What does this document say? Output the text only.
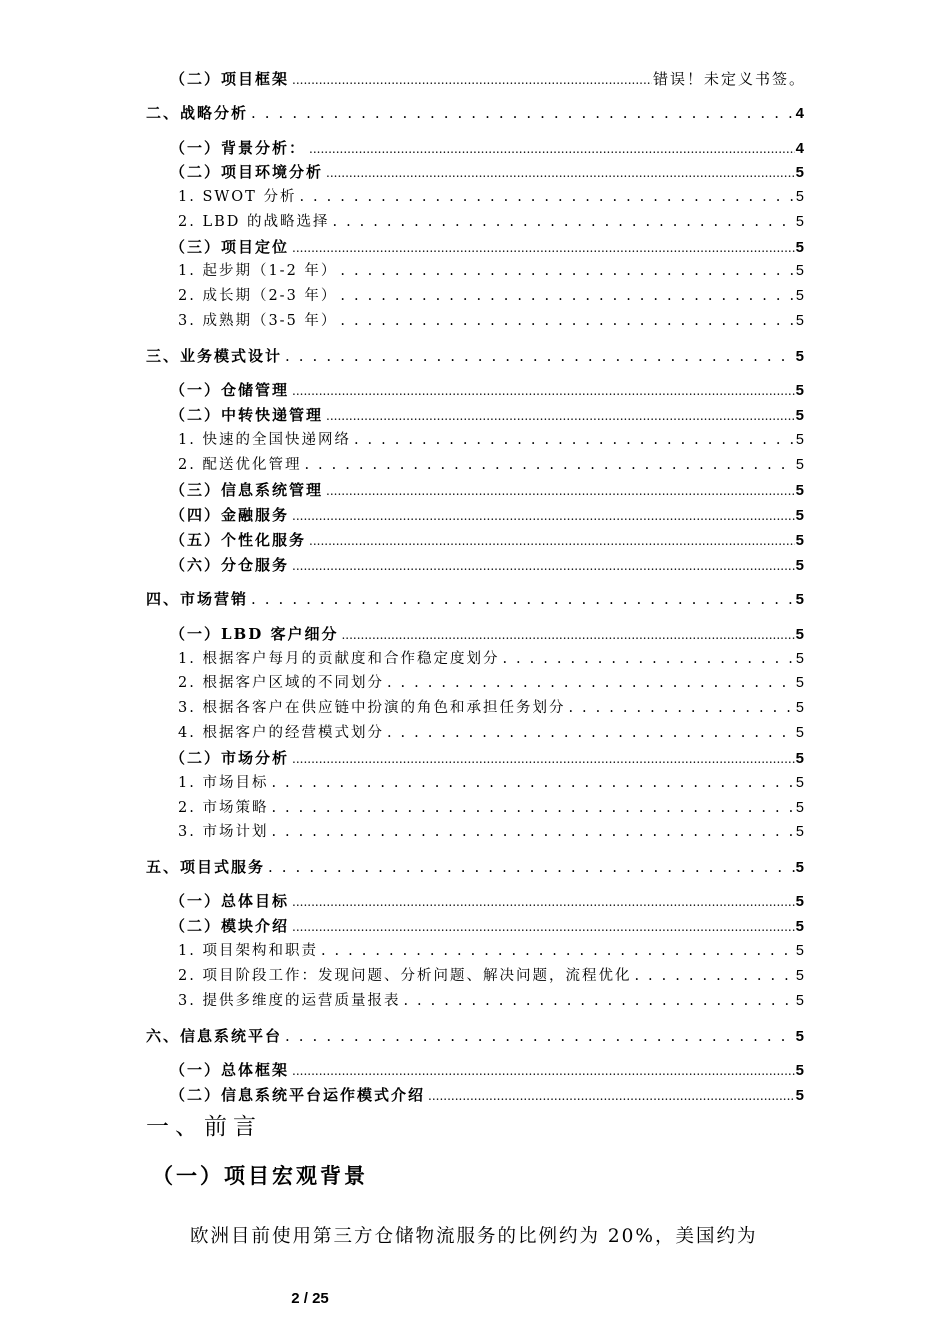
（二）项目框架 .....	错误！未定义书签。
二、战略分析 .....	4
（一）背景分析： .....	4
（二）项目环境分析 .....	5
1. SWOT 分析 .....	5
2. LBD 的战略选择 .....	5
（三）项目定位 .....	5
1. 起步期（1-2 年） .....	5
2. 成长期（2-3 年） .....	5
3. 成熟期（3-5 年） .....	5
三、业务模式设计 .....	5
（一）仓储管理 .....	5
（二）中转快递管理 .....	5
1. 快速的全国快递网络 .....	5
2. 配送优化管理 .....	5
（三）信息系统管理 .....	5
（四）金融服务 .....	5
（五）个性化服务 .....	5
（六）分仓服务 .....	5
四、市场营销 .....	5
（一）LBD 客户细分 .....	5
1. 根据客户每月的贡献度和合作稳定度划分 .....	5
2. 根据客户区域的不同划分 .....	5
3. 根据各客户在供应链中扮演的角色和承担任务划分 .....	5
4. 根据客户的经营模式划分 .....	5
（二）市场分析 .....	5
1. 市场目标 .....	5
2. 市场策略 .....	5
3. 市场计划 .....	5
五、项目式服务 .....	5
（一）总体目标 .....	5
（二）模块介绍 .....	5
1. 项目架构和职责 .....	5
2. 项目阶段工作：发现问题、分析问题、解决问题，流程优化 .....	5
3. 提供多维度的运营质量报表 .....	5
六、信息系统平台 .....	5
（一）总体框架 .....	5
（二）信息系统平台运作模式介绍 .....	5
一、前言
（一）项目宏观背景
欧洲目前使用第三方仓储物流服务的比例约为 20%，美国约为
2 / 25
